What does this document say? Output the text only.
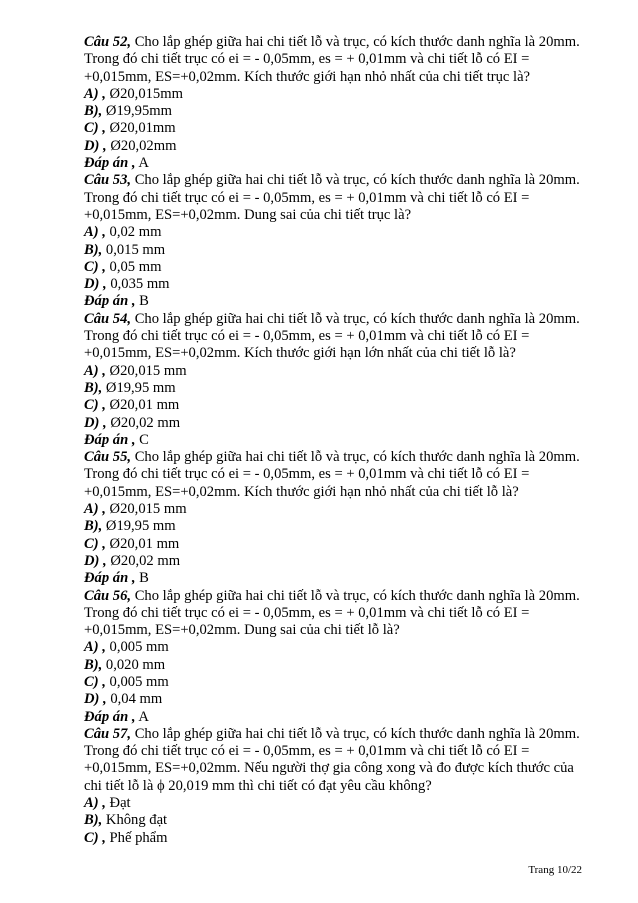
Câu 52, Cho lắp ghép giữa hai chi tiết lỗ và trục, có kích thước danh nghĩa là 20mm. Trong đó chi tiết trục có ei = - 0,05mm, es = + 0,01mm và chi tiết lỗ có EI = +0,015mm, ES=+0,02mm. Kích thước giới hạn nhỏ nhất của chi tiết trục là?
A) , Ø20,015mm
B), Ø19,95mm
C) , Ø20,01mm
D) , Ø20,02mm
Đáp án , A
Câu 53, Cho lắp ghép giữa hai chi tiết lỗ và trục, có kích thước danh nghĩa là 20mm. Trong đó chi tiết trục có ei = - 0,05mm, es = + 0,01mm và chi tiết lỗ có EI = +0,015mm, ES=+0,02mm. Dung sai của chi tiết trục là?
A) , 0,02 mm
B), 0,015 mm
C) , 0,05 mm
D) , 0,035 mm
Đáp án , B
Câu 54, Cho lắp ghép giữa hai chi tiết lỗ và trục, có kích thước danh nghĩa là 20mm. Trong đó chi tiết trục có ei = - 0,05mm, es = + 0,01mm và chi tiết lỗ có EI = +0,015mm, ES=+0,02mm. Kích thước giới hạn lớn nhất của chi tiết lỗ là?
A) , Ø20,015 mm
B), Ø19,95 mm
C) , Ø20,01 mm
D) , Ø20,02 mm
Đáp án , C
Câu 55, Cho lắp ghép giữa hai chi tiết lỗ và trục, có kích thước danh nghĩa là 20mm. Trong đó chi tiết trục có ei = - 0,05mm, es = + 0,01mm và chi tiết lỗ có EI = +0,015mm, ES=+0,02mm. Kích thước giới hạn nhỏ nhất của chi tiết lỗ là?
A) , Ø20,015 mm
B), Ø19,95 mm
C) , Ø20,01 mm
D) , Ø20,02 mm
Đáp án , B
Câu 56, Cho lắp ghép giữa hai chi tiết lỗ và trục, có kích thước danh nghĩa là 20mm. Trong đó chi tiết trục có ei = - 0,05mm, es = + 0,01mm và chi tiết lỗ có EI = +0,015mm, ES=+0,02mm. Dung sai của chi tiết lỗ là?
A) , 0,005 mm
B), 0,020 mm
C) , 0,005 mm
D) , 0,04 mm
Đáp án , A
Câu 57, Cho lắp ghép giữa hai chi tiết lỗ và trục, có kích thước danh nghĩa là 20mm. Trong đó chi tiết trục có ei = - 0,05mm, es = + 0,01mm và chi tiết lỗ có EI = +0,015mm, ES=+0,02mm. Nếu người thợ gia công xong và đo được kích thước của chi tiết lỗ là ϕ 20,019 mm thì chi tiết có đạt yêu cầu không?
A) , Đạt
B), Không đạt
C) , Phế phẩm
Trang 10/22
